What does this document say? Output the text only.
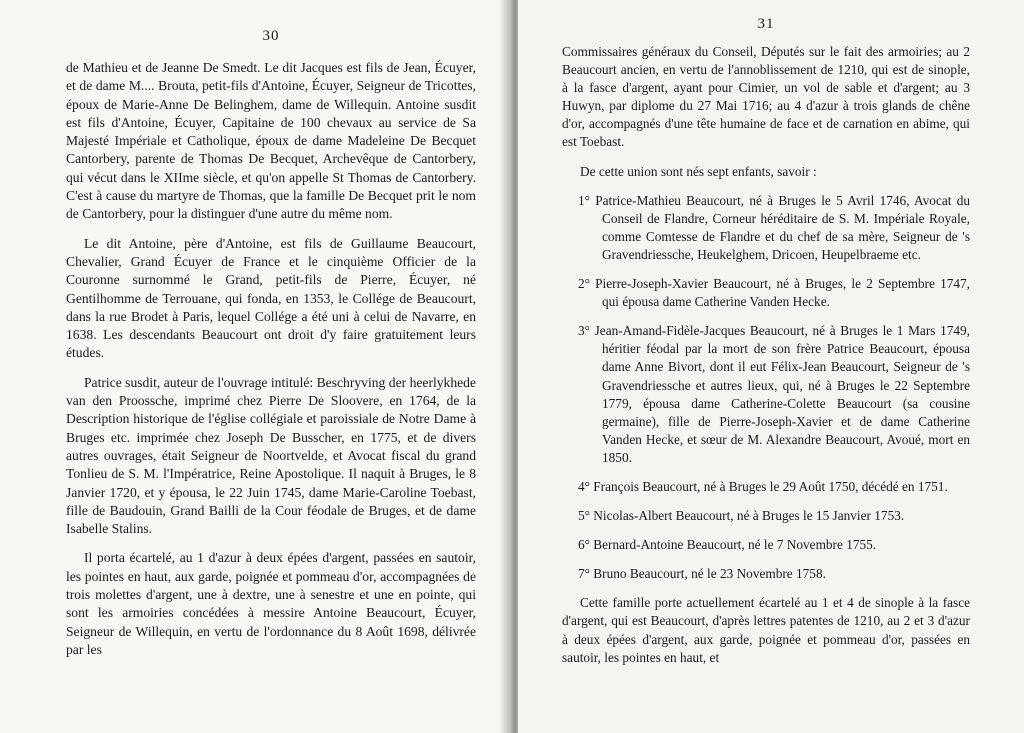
30

de Mathieu et de Jeanne De Smedt. Le dit Jacques est fils de Jean, Écuyer, et de dame M.... Brouta, petit-fils d'Antoine, Écuyer, Seigneur de Tricottes, époux de Marie-Anne De Belinghem, dame de Willequin. Antoine susdit est fils d'Antoine, Écuyer, Capitaine de 100 chevaux au service de Sa Majesté Impériale et Catholique, époux de dame Madeleine De Becquet Cantorbery, parente de Thomas De Becquet, Archevêque de Cantorbery, qui vécut dans le XIIme siècle, et qu'on appelle St Thomas de Cantorbery. C'est à cause du martyre de Thomas, que la famille De Becquet prit le nom de Cantorbery, pour la distinguer d'une autre du même nom.

Le dit Antoine, père d'Antoine, est fils de Guillaume Beaucourt, Chevalier, Grand Écuyer de France et le cinquième Officier de la Couronne surnommé le Grand, petit-fils de Pierre, Écuyer, né Gentilhomme de Terrouane, qui fonda, en 1353, le Collége de Beaucourt, dans la rue Brodet à Paris, lequel Collége a été uni à celui de Navarre, en 1638. Les descendants Beaucourt ont droit d'y faire gratuitement leurs études.

Patrice susdit, auteur de l'ouvrage intitulé: Beschryving der heerlykhede van den Proossche, imprimé chez Pierre De Sloovere, en 1764, de la Description historique de l'église collégiale et paroissiale de Notre Dame à Bruges etc. imprimée chez Joseph De Busscher, en 1775, et de divers autres ouvrages, était Seigneur de Noortvelde, et Avocat fiscal du grand Tonlieu de S. M. l'Impératrice, Reine Apostolique. Il naquit à Bruges, le 8 Janvier 1720, et y épousa, le 22 Juin 1745, dame Marie-Caroline Toebast, fille de Baudouin, Grand Bailli de la Cour féodale de Bruges, et de dame Isabelle Stalins.

Il porta écartelé, au 1 d'azur à deux épées d'argent, passées en sautoir, les pointes en haut, aux garde, poignée et pommeau d'or, accompagnées de trois molettes d'argent, une à dextre, une à senestre et une en pointe, qui sont les armoiries concédées à messire Antoine Beaucourt, Écuyer, Seigneur de Willequin, en vertu de l'ordonnance du 8 Août 1698, délivrée par les

31

Commissaires généraux du Conseil, Députés sur le fait des armoiries; au 2 Beaucourt ancien, en vertu de l'annoblissement de 1210, qui est de sinople, à la fasce d'argent, ayant pour Cimier, un vol de sable et d'argent; au 3 Huwyn, par diplome du 27 Mai 1716; au 4 d'azur à trois glands de chêne d'or, accompagnés d'une tête humaine de face et de carnation en abime, qui est Toebast.

De cette union sont nés sept enfants, savoir :

1° Patrice-Mathieu Beaucourt, né à Bruges le 5 Avril 1746, Avocat du Conseil de Flandre, Corneur héréditaire de S. M. Impériale Royale, comme Comtesse de Flandre et du chef de sa mère, Seigneur de 's Gravendriessche, Heukelghem, Dricoen, Heupelbraeme etc.

2° Pierre-Joseph-Xavier Beaucourt, né à Bruges, le 2 Septembre 1747, qui épousa dame Catherine Vanden Hecke.

3° Jean-Amand-Fidèle-Jacques Beaucourt, né à Bruges le 1 Mars 1749, héritier féodal par la mort de son frère Patrice Beaucourt, épousa dame Anne Bivort, dont il eut Félix-Jean Beaucourt, Seigneur de 's Gravendriessche et autres lieux, qui, né à Bruges le 22 Septembre 1779, épousa dame Catherine-Colette Beaucourt (sa cousine germaine), fille de Pierre-Joseph-Xavier et de dame Catherine Vanden Hecke, et sœur de M. Alexandre Beaucourt, Avoué, mort en 1850.

4° François Beaucourt, né à Bruges le 29 Août 1750, décédé en 1751.

5° Nicolas-Albert Beaucourt, né à Bruges le 15 Janvier 1753.

6° Bernard-Antoine Beaucourt, né le 7 Novembre 1755.

7° Bruno Beaucourt, né le 23 Novembre 1758.

Cette famille porte actuellement écartelé au 1 et 4 de sinople à la fasce d'argent, qui est Beaucourt, d'après lettres patentes de 1210, au 2 et 3 d'azur à deux épées d'argent, aux garde, poignée et pommeau d'or, passées en sautoir, les pointes en haut, et
